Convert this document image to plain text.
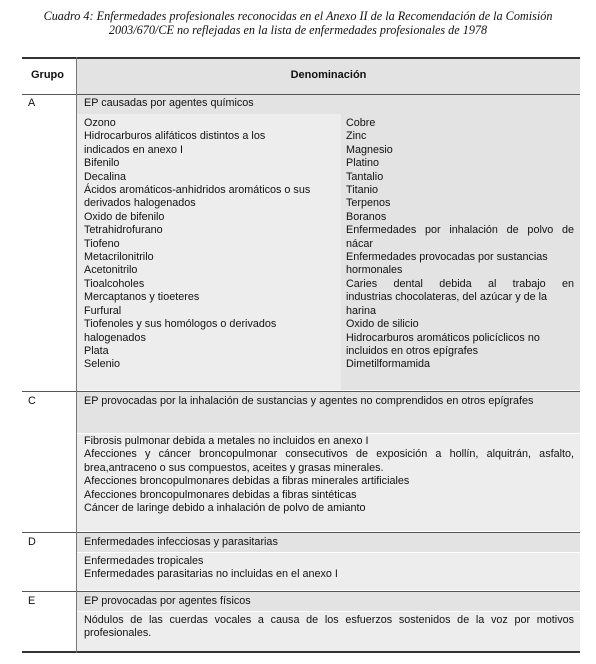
Cuadro 4: Enfermedades profesionales reconocidas en el Anexo II de la Recomendación de la Comisión
2003/670/CE no reflejadas en la lista de enfermedades profesionales de 1978
Grupo	Denominación
A	EP causadas por agentes químicos
Ozono
Hidrocarburos alifáticos distintos a los
indicados en anexo I
Bifenilo
Decalina
Ácidos aromáticos-anhidridos aromáticos o sus
derivados halogenados
Oxido de bifenilo
Tetrahidrofurano
Tiofeno
Metacrilonitrilo
Acetonitrilo
Tioalcoholes
Mercaptanos y tioeteres
Furfural
Tiofenoles y sus homólogos o derivados
halogenados
Plata
Selenio
Cobre
Zinc
Magnesio
Platino
Tantalio
Titanio
Terpenos
Boranos
Enfermedades por inhalación de polvo de
nácar
Enfermedades provocadas por sustancias
hormonales
Caries dental debida al trabajo en
industrias chocolateras, del azúcar y de la
harina
Oxido de silicio
Hidrocarburos aromáticos policíclicos no
incluidos en otros epígrafes
Dimetilformamida
C	EP provocadas por la inhalación de sustancias y agentes no comprendidos en otros epígrafes
Fibrosis pulmonar debida a metales no incluidos en anexo I
Afecciones y cáncer broncopulmonar consecutivos de exposición a hollín, alquitrán, asfalto,
brea,antraceno o sus compuestos, aceites y grasas minerales.
Afecciones broncopulmonares debidas a fibras minerales artificiales
Afecciones broncopulmonares debidas a fibras sintéticas
Cáncer de laringe debido a inhalación de polvo de amianto
D	Enfermedades infecciosas y parasitarias
Enfermedades tropicales
Enfermedades parasitarias no incluidas en el anexo I
E	EP provocadas por agentes físicos
Nódulos de las cuerdas vocales a causa de los esfuerzos sostenidos de la voz por motivos
profesionales.
